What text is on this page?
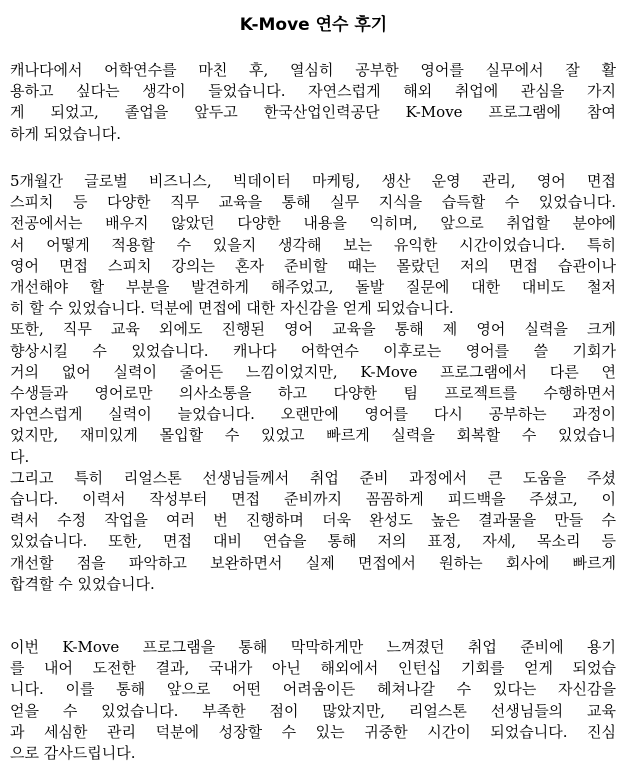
K-Move 연수 후기
캐나다에서 어학연수를 마친 후, 열심히 공부한 영어를 실무에서 잘 활
용하고 싶다는 생각이 들었습니다. 자연스럽게 해외 취업에 관심을 가지
게 되었고, 졸업을 앞두고 한국산업인력공단 K-Move 프로그램에 참여
하게 되었습니다.
5개월간 글로벌 비즈니스, 빅데이터 마케팅, 생산 운영 관리, 영어 면접
스피치 등 다양한 직무 교육을 통해 실무 지식을 습득할 수 있었습니다.
전공에서는 배우지 않았던 다양한 내용을 익히며, 앞으로 취업할 분야에
서 어떻게 적용할 수 있을지 생각해 보는 유익한 시간이었습니다. 특히
영어 면접 스피치 강의는 혼자 준비할 때는 몰랐던 저의 면접 습관이나
개선해야 할 부분을 발견하게 해주었고, 돌발 질문에 대한 대비도 철저
히 할 수 있었습니다. 덕분에 면접에 대한 자신감을 얻게 되었습니다.
또한, 직무 교육 외에도 진행된 영어 교육을 통해 제 영어 실력을 크게
향상시킬 수 있었습니다. 캐나다 어학연수 이후로는 영어를 쓸 기회가
거의 없어 실력이 줄어든 느낌이었지만, K-Move 프로그램에서 다른 연
수생들과 영어로만 의사소통을 하고 다양한 팀 프로젝트를 수행하면서
자연스럽게 실력이 늘었습니다. 오랜만에 영어를 다시 공부하는 과정이
었지만, 재미있게 몰입할 수 있었고 빠르게 실력을 회복할 수 있었습니
다.
그리고 특히 리얼스톤 선생님들께서 취업 준비 과정에서 큰 도움을 주셨
습니다. 이력서 작성부터 면접 준비까지 꼼꼼하게 피드백을 주셨고, 이
력서 수정 작업을 여러 번 진행하며 더욱 완성도 높은 결과물을 만들 수
있었습니다. 또한, 면접 대비 연습을 통해 저의 표정, 자세, 목소리 등
개선할 점을 파악하고 보완하면서 실제 면접에서 원하는 회사에 빠르게
합격할 수 있었습니다.
이번 K-Move 프로그램을 통해 막막하게만 느껴졌던 취업 준비에 용기
를 내어 도전한 결과, 국내가 아닌 해외에서 인턴십 기회를 얻게 되었습
니다. 이를 통해 앞으로 어떤 어려움이든 헤쳐나갈 수 있다는 자신감을
얻을 수 있었습니다. 부족한 점이 많았지만, 리얼스톤 선생님들의 교육
과 세심한 관리 덕분에 성장할 수 있는 귀중한 시간이 되었습니다. 진심
으로 감사드립니다.
